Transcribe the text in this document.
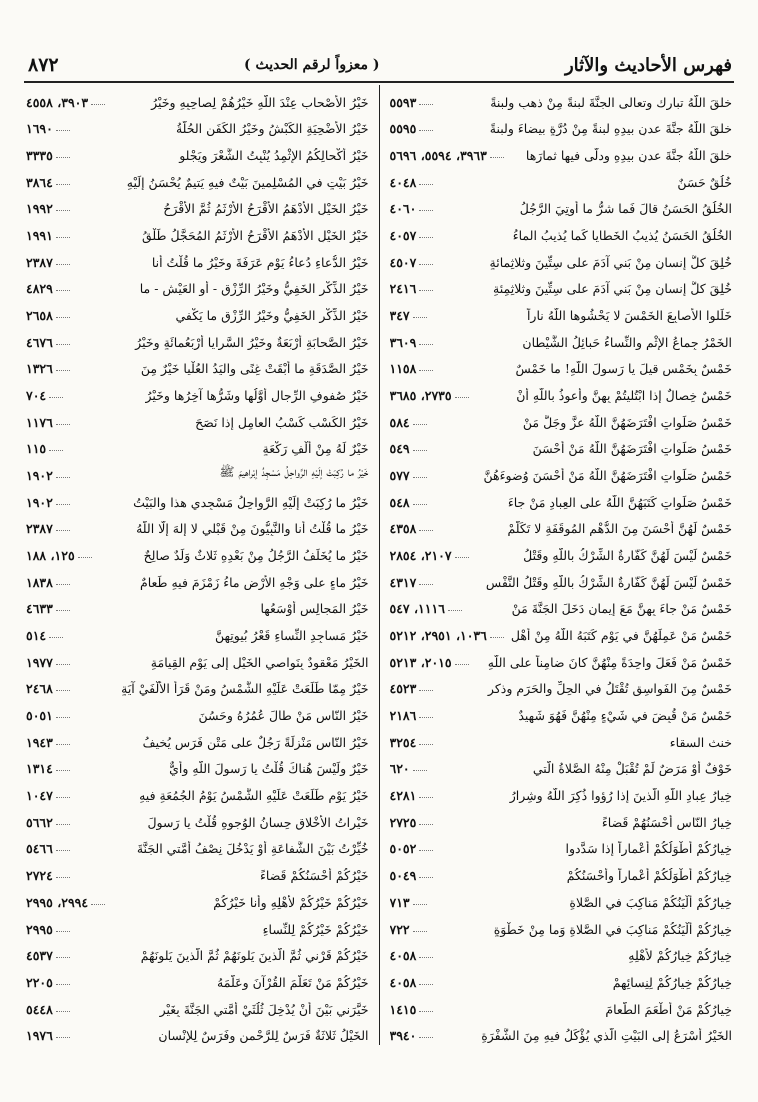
فهرس الأحاديث والآثار
( معزواً لرقم الحديث )
٨٧٢
خلقَ اللَّهُ تبارك وتعالى الجنَّةَ لبنةً مِنْ ذهبٍ ولبنةً
٥٥٩٣
خلقَ اللَّهُ جنَّةَ عدنٍ بيدِهِ لبنةً مِنْ دُرَّةٍ بيضاءَ ولبنةً
٥٥٩٥
خلقَ اللَّهُ جنَّةَ عدنٍ بيدِهِ ودلَّى فيها ثمارَها
٣٩٦٣، ٥٥٩٤، ٥٦٩٦
خُلُقٌ حَسَنٌ
٤٠٤٨
الخُلُقُ الحَسَنُ قالَ فَما شرُّ ما أُوتِيَ الرَّجُلُ
٤٠٦٠
الخُلُقُ الحَسَنُ يُذيبُ الخَطايا كَما يُذيبُ الماءُ
٤٠٥٧
خُلِقَ كلُّ إنسانٍ مِنْ بَني آدَمَ على سِتِّينَ وثلاثِمائةٍ
٤٥٠٧
خُلِقَ كلُّ إنسانٍ مِنْ بَني آدَمَ على سِتِّينَ وثلاثِمِئةِ
٢٤١٦
خَلِّلوا الأَصابِعَ الخَمْسَ لا يَحْشُوها اللَّهُ ناراً
٣٤٧
الخَمْرُ جِماعُ الإثْمِ والنِّساءُ حَبائِلُ الشَّيْطانِ
٣٦٠٩
خَمْسٌ بِخَمْسٍ قيلَ يا رَسولَ اللَّهِ! ما خَمْسٌ
١١٥٨
خَمْسٌ خِصالٌ إذا ابْتُليتُمْ بِهِنَّ وأَعوذُ باللَّهِ أنْ
٢٧٣٥، ٣٦٨٥
خَمْسُ صَلَواتٍ افْتَرَضَهُنَّ اللَّهُ عزَّ وجَلَّ مَنْ
٥٨٤
خَمْسُ صَلَواتٍ افْتَرَضَهُنَّ اللَّهُ مَنْ أَحْسَنَ
٥٤٩
خَمْسُ صَلَواتٍ افْتَرَضَهُنَّ اللَّهُ مَنْ أَحْسَنَ وُضوءَهُنَّ
٥٧٧
خَمْسُ صَلَواتٍ كَتَبَهُنَّ اللَّهُ على العِبادِ مَنْ جاءَ
٥٤٨
خَمْسٌ لَهُنَّ أَحْسَنَ مِنَ الدُّهْمِ المُوقَفَةِ لا تَكَلَّمْ
٤٣٥٨
خَمْسٌ لَيْسَ لَهُنَّ كَفّارةٌ الشِّرْكُ باللَّهِ وقَتْلُ
٢١٠٧، ٢٨٥٤
خَمْسٌ لَيْسَ لَهُنَّ كَفّارةٌ الشِّرْكُ باللَّهِ وقَتْلُ النَّفْسِ
٤٣١٧
خَمْسٌ مَنْ جاءَ بِهِنَّ مَعَ إيمانٍ دَخَلَ الجَنَّةَ مَنْ
١١١٦، ٥٤٧
خَمْسٌ مَنْ عَمِلَهُنَّ في يَوْمٍ كَتَبَهُ اللَّهُ مِنْ أَهْلِ
١٠٣٦، ٢٩٥١، ٥٢١٢
خَمْسٌ مَنْ فَعَلَ واحِدَةً مِنْهُنَّ كانَ ضامِناً على اللَّهِ
٢٠١٥، ٥٢١٣
خَمْسٌ مِنَ الفَواسِقِ تُقْتَلُ في الحِلِّ والحَرَمِ وذكر
٤٥٢٣
خَمْسٌ مَنْ قُبِضَ في شَيْءٍ مِنْهُنَّ فَهُوَ شَهيدٌ
٢١٨٦
خنث السقاء
٣٢٥٤
خَوْفٌ أوْ مَرَضٌ لَمْ تُقْبَلْ مِنْهُ الصَّلاةُ الَّتي
٦٢٠
خِيارُ عِبادِ اللَّهِ الَّذينَ إذا رُؤوا ذُكِرَ اللَّهُ وشِرارُ
٤٢٨١
خِيارُ النّاسِ أَحْسَنُهُمْ قَضاءً
٢٧٢٥
خِيارُكُمْ أَطْوَلُكُمْ أَعْماراً إذا سَدَّدوا
٥٠٥٢
خِيارُكُمْ أَطْوَلُكُمْ أَعْماراً وأَحْسَنُكُمْ
٥٠٤٩
خِيارُكُمْ أَلْيَنُكُمْ مَناكِبَ في الصَّلاةِ
٧١٣
خِيارُكُمْ أَلْيَنُكُمْ مَناكِبَ في الصَّلاةِ وَما مِنْ خَطْوَةٍ
٧٢٢
خِيارُكُمْ خِيارُكُمْ لأَهْلِهِ
٤٠٥٨
خِيارُكُمْ خِيارُكُمْ لِنِسائِهِمْ
٤٠٥٨
خِيارُكُمْ مَنْ أَطْعَمَ الطَّعامَ
١٤١٥
الخَيْرُ أَسْرَعُ إلى البَيْتِ الَّذي يُؤْكَلُ فيهِ مِنَ الشَّفْرَةِ
٣٩٤٠
خَيْرُ الأَصْحابِ عِنْدَ اللَّهِ خَيْرُهُمْ لِصاحِبِهِ وخَيْرُ
٣٩٠٣، ٤٥٥٨
خَيْرُ الأُضْحِيَةِ الكَبْشُ وخَيْرُ الكَفَنِ الحُلَّةُ
١٦٩٠
خَيْرُ أَكْحالِكُمُ الإثْمِدُ يُنْبِتُ الشَّعْرَ ويَجْلو
٣٣٣٥
خَيْرُ بَيْتٍ في المُسْلِمينَ بَيْتٌ فيهِ يَتيمٌ يُحْسَنُ إلَيْهِ
٣٨٦٤
خَيْرُ الخَيْلِ الأَدْهَمُ الأَقْرَحُ الأَرْثَمُ ثُمَّ الأَقْرَحُ
١٩٩٢
خَيْرُ الخَيْلِ الأَدْهَمُ الأَقْرَحُ الأَرْثَمُ المُحَجَّلُ طَلْقُ
١٩٩١
خَيْرُ الدُّعاءِ دُعاءُ يَوْمِ عَرَفَةَ وخَيْرُ ما قُلْتُ أَنا
٢٣٨٧
خَيْرُ الذِّكْرِ الخَفِيُّ وخَيْرُ الرِّزْقِ - أوِ العَيْشِ - ما
٤٨٢٩
خَيْرُ الذِّكْرِ الخَفِيُّ وخَيْرُ الرِّزْقِ ما يَكْفي
٢٦٥٨
خَيْرُ الصَّحابَةِ أَرْبَعَةٌ وخَيْرُ السَّرايا أَرْبَعُمائَةٍ وخَيْرُ
٤٦٧٦
خَيْرُ الصَّدَقَةِ ما أَبْقَتْ غِنًى واليَدُ العُلْيا خَيْرٌ مِنَ
١٣٢٦
خَيْرُ صُفوفِ الرِّجالِ أَوَّلُها وشَرُّها آخِرُها وخَيْرُ
٧٠٤
خَيْرُ الكَسْبِ كَسْبُ العامِلِ إذا نَصَحَ
١١٧٦
خَيْرٌ لَهُ مِنْ أَلْفِ رَكْعَةٍ
١١٥
خَيْرُ ما رُكِبَتْ إلَيْهِ الرَّواحِلُ مَسْجِدُ إبْراهيمَ ﷺ
١٩٠٢
خَيْرُ ما رُكِبَتْ إلَيْهِ الرَّواحِلُ مَسْجِدي هذا والبَيْتُ
١٩٠٢
خَيْرُ ما قُلْتُ أَنا والنَّبِيُّونَ مِنْ قَبْلي لا إلهَ إلّا اللَّهُ
٢٣٨٧
خَيْرُ ما يُخَلِّفُ الرَّجُلُ مِنْ بَعْدِهِ ثَلاثٌ وَلَدٌ صالِحٌ
١٢٥، ١٨٨
خَيْرُ ماءٍ على وَجْهِ الأَرْضِ ماءُ زَمْزَمَ فيهِ طَعامٌ
١٨٣٨
خَيْرُ المَجالِسِ أَوْسَعُها
٤٦٣٣
خَيْرُ مَساجِدِ النِّساءِ قَعْرُ بُيوتِهِنَّ
٥١٤
الخَيْرُ مَعْقودٌ بِنَواصي الخَيْلِ إلى يَوْمِ القِيامَةِ
١٩٧٧
خَيْرٌ مِمّا طَلَعَتْ عَلَيْهِ الشَّمْسُ ومَنْ قَرَأَ الأَلْفَيْ آيَةٍ
٢٤٦٨
خَيْرُ النّاسِ مَنْ طالَ عُمُرُهُ وحَسُنَ
٥٠٥١
خَيْرُ النّاسِ مَنْزِلَةً رَجُلٌ على مَتْنِ فَرَسٍ يُخيفُ
١٩٤٣
خَيْرٌ ولَيْسَ هُناكَ قُلْتُ يا رَسولَ اللَّهِ وأَيٌّ
١٣١٤
خَيْرُ يَوْمٍ طَلَعَتْ عَلَيْهِ الشَّمْسُ يَوْمُ الجُمُعَةِ فيهِ
١٠٤٧
خَيْراتُ الأَخْلاقِ حِسانُ الوُجوهِ قُلْتُ يا رَسولَ
٥٦٦٢
خُيِّرْتُ بَيْنَ الشَّفاعَةِ أوْ يَدْخُلَ نِصْفُ أُمَّتي الجَنَّةَ
٥٤٦٦
خَيْرُكُمْ أَحْسَنُكُمْ قَضاءً
٢٧٢٤
خَيْرُكُمْ خَيْرُكُمْ لأَهْلِهِ وأَنا خَيْرُكُمْ
٢٩٩٤، ٢٩٩٥
خَيْرُكُمْ خَيْرُكُمْ لِلنِّساءِ
٢٩٩٥
خَيْرُكُمْ قَرْني ثُمَّ الَّذينَ يَلونَهُمْ ثُمَّ الَّذينَ يَلونَهُمْ
٤٥٣٧
خَيْرُكُمْ مَنْ تَعَلَّمَ القُرْآنَ وعَلَّمَهُ
٢٢٠٥
خَيَّرَني بَيْنَ أنْ يُدْخِلَ ثُلُثَيْ أُمَّتي الجَنَّةَ بِغَيْرِ
٥٤٤٨
الخَيْلُ ثَلاثَةٌ فَرَسٌ لِلرَّحْمنِ وفَرَسٌ لِلإنْسانِ
١٩٧٦
